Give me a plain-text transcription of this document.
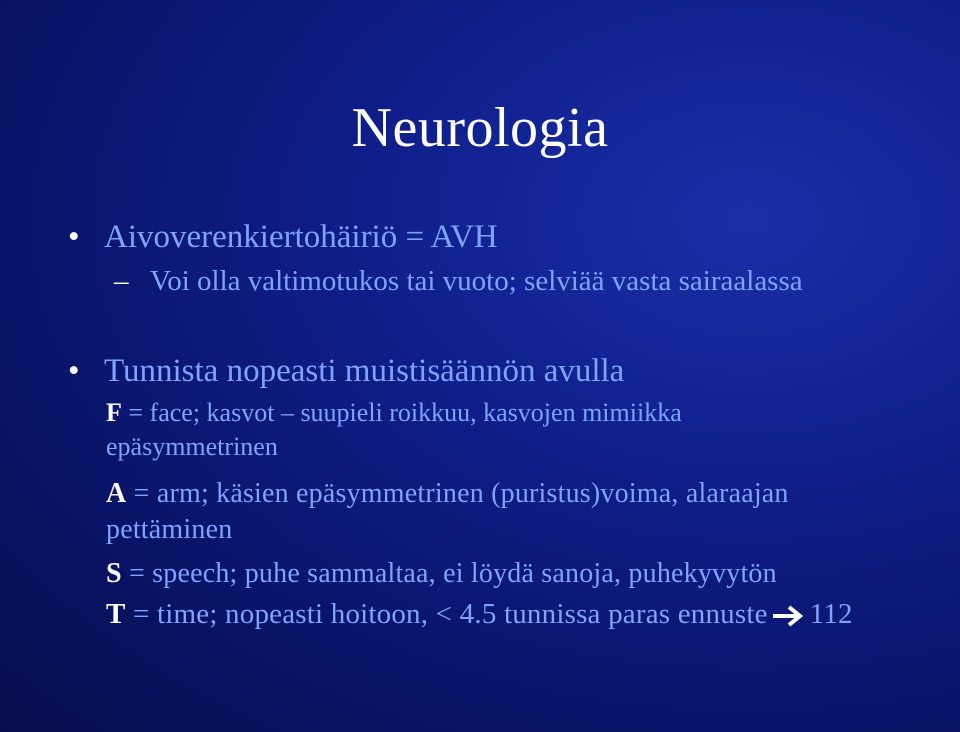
Neurologia
• Aivoverenkiertohäiriö = AVH
– Voi olla valtimotukos tai vuoto; selviää vasta sairaalassa
• Tunnista nopeasti muistisäännön avulla
F = face; kasvot – suupieli roikkuu, kasvojen mimiikka
epäsymmetrinen
A = arm; käsien epäsymmetrinen (puristus)voima, alaraajan
pettäminen
S = speech; puhe sammaltaa, ei löydä sanoja, puhekyvytön
T = time; nopeasti hoitoon, < 4.5 tunnissa paras ennuste 112
